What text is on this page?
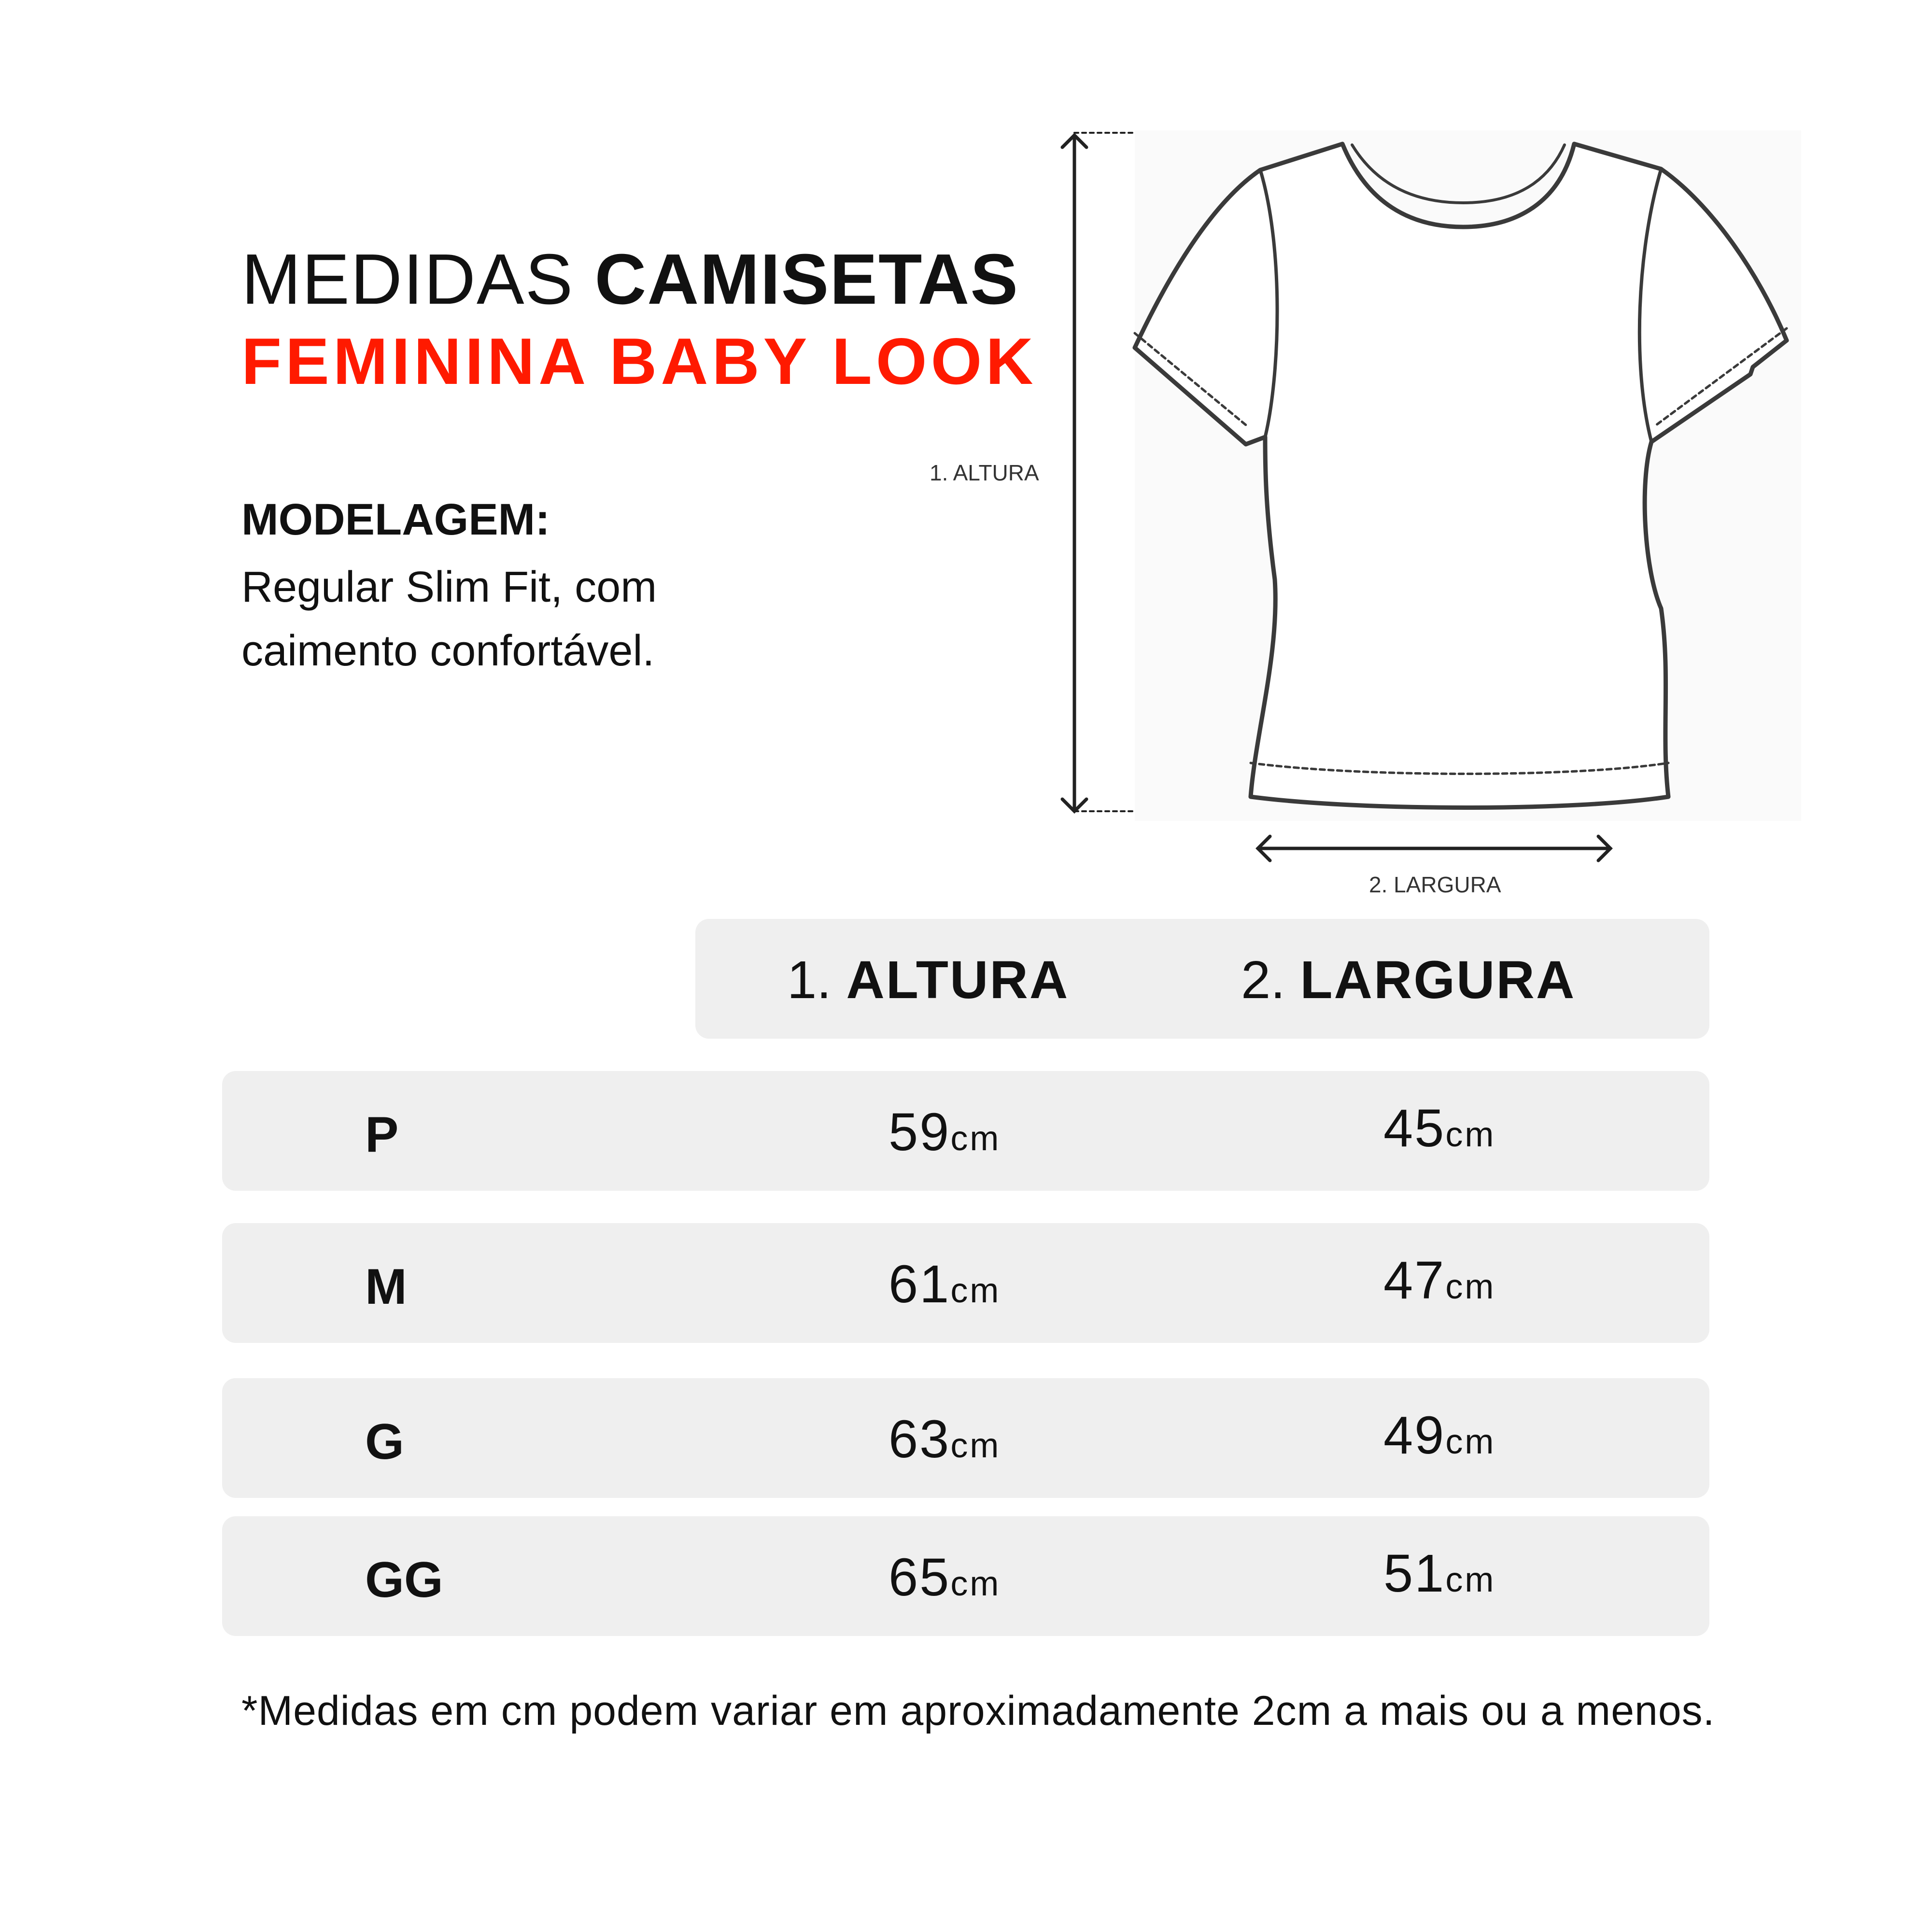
MEDIDAS CAMISETAS
FEMININA BABY LOOK
MODELAGEM:
Regular Slim Fit, com
caimento confortável.
1. ALTURA
2. LARGURA
1. ALTURA	2. LARGURA
P	59cm	45cm
M	61cm	47cm
G	63cm	49cm
GG	65cm	51cm
*Medidas em cm podem variar em aproximadamente 2cm a mais ou a menos.
